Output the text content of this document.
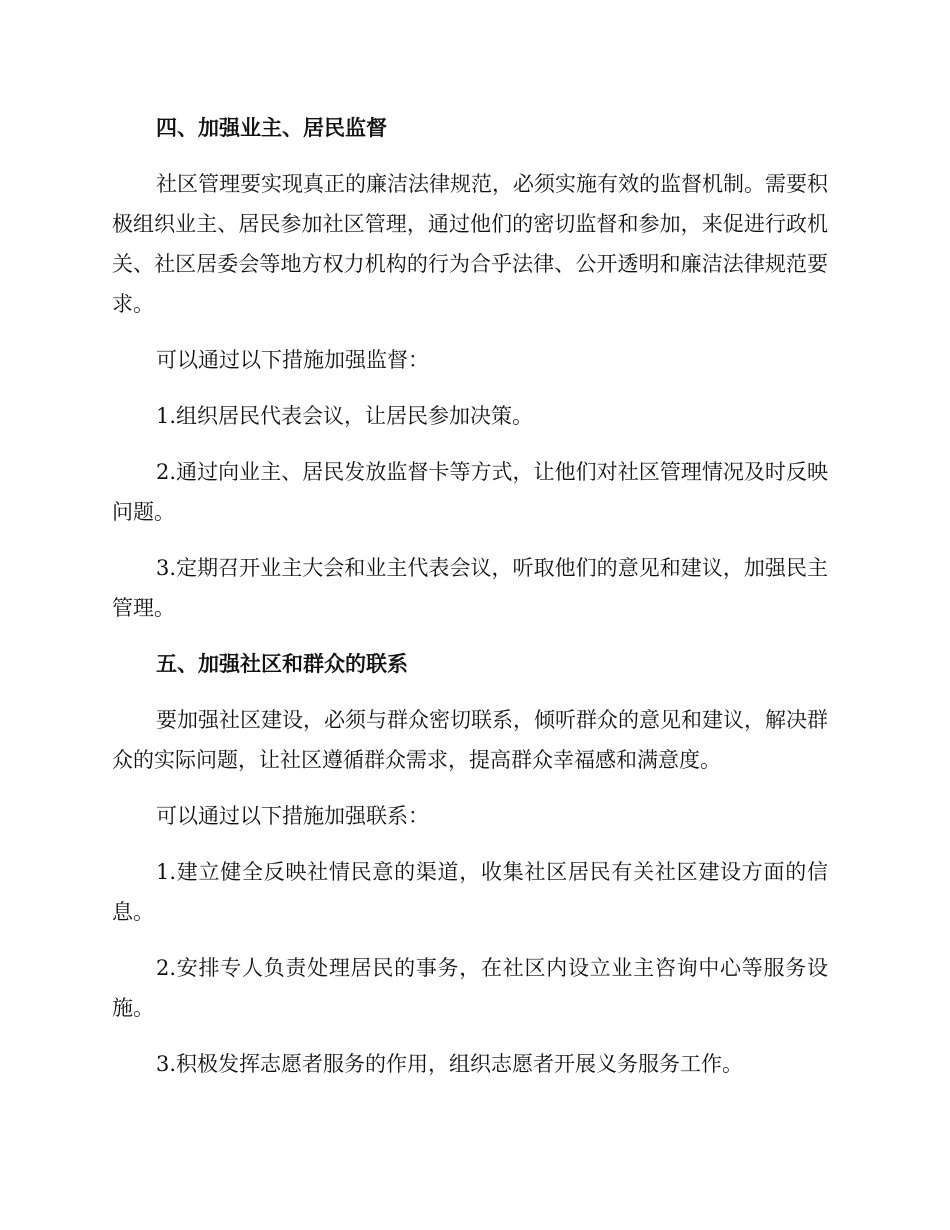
四、加强业主、居民监督

社区管理要实现真正的廉洁法律规范，必须实施有效的监督机制。需要积极组织业主、居民参加社区管理，通过他们的密切监督和参加，来促进行政机关、社区居委会等地方权力机构的行为合乎法律、公开透明和廉洁法律规范要求。

可以通过以下措施加强监督：

1.组织居民代表会议，让居民参加决策。

2.通过向业主、居民发放监督卡等方式，让他们对社区管理情况及时反映问题。

3.定期召开业主大会和业主代表会议，听取他们的意见和建议，加强民主管理。

五、加强社区和群众的联系

要加强社区建设，必须与群众密切联系，倾听群众的意见和建议，解决群众的实际问题，让社区遵循群众需求，提高群众幸福感和满意度。

可以通过以下措施加强联系：

1.建立健全反映社情民意的渠道，收集社区居民有关社区建设方面的信息。

2.安排专人负责处理居民的事务，在社区内设立业主咨询中心等服务设施。

3.积极发挥志愿者服务的作用，组织志愿者开展义务服务工作。
